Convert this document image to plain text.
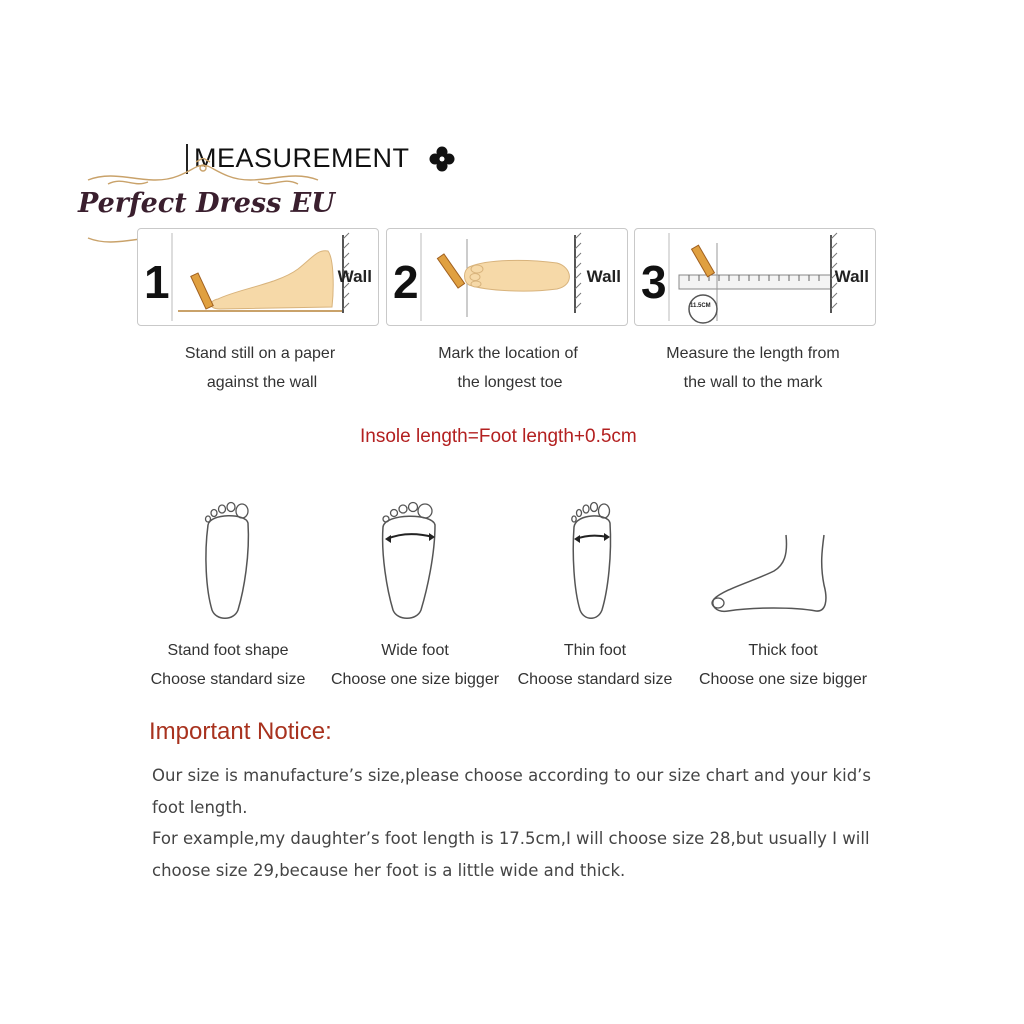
MEASUREMENT
Perfect Dress EU
1	Wall 2	Wall
11.5CM
3	Wall
Stand still on a paper
against the wall
Mark the location of
the longest toe
Measure the length from
the wall to the mark
Insole length=Foot length+0.5cm
Stand foot shape
Choose standard size
Wide foot
Choose one size bigger
Thin foot
Choose standard size
Thick foot
Choose one size bigger
Important Notice:

Our size is manufacture’s size,please choose according to our size chart and your kid’s foot length.

For example,my daughter’s foot length is 17.5cm,I will choose size 28,but usually I will choose size 29,because her foot is a little wide and thick.
